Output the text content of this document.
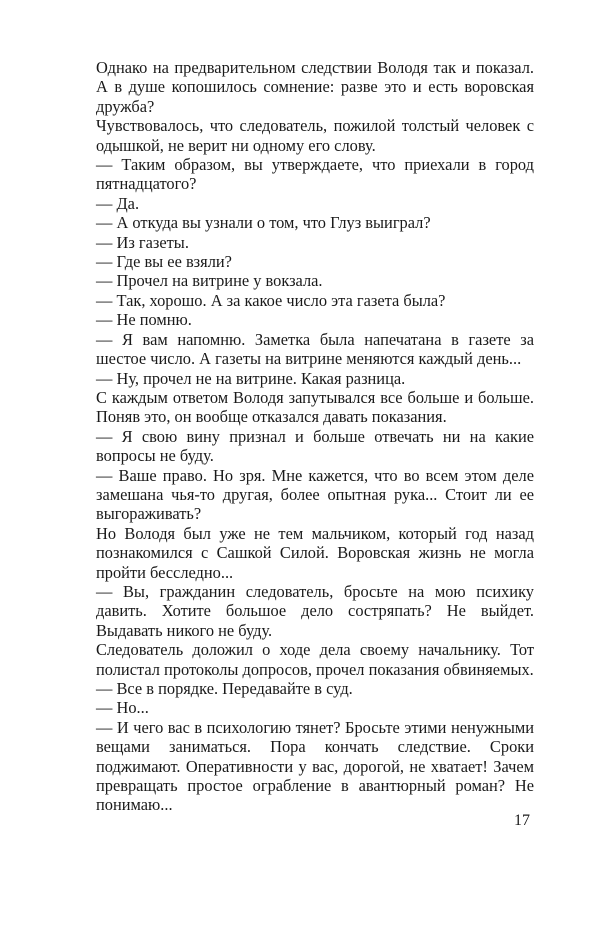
Однако на предварительном следствии Володя так и показал. А в душе копошилось сомнение: разве это и есть воровская дружба?

Чувствовалось, что следователь, пожилой толстый человек с одышкой, не верит ни одному его слову.

— Таким образом, вы утверждаете, что приехали в город пятнадцатого?

— Да.

— А откуда вы узнали о том, что Глуз выиграл?

— Из газеты.

— Где вы ее взяли?

— Прочел на витрине у вокзала.

— Так, хорошо. А за какое число эта газета была?

— Не помню.

— Я вам напомню. Заметка была напечатана в газете за шестое число. А газеты на витрине меняются каждый день...

— Ну, прочел не на витрине. Какая разница.

С каждым ответом Володя запутывался все больше и больше. Поняв это, он вообще отказался давать показания.

— Я свою вину признал и больше отвечать ни на какие вопросы не буду.

— Ваше право. Но зря. Мне кажется, что во всем этом деле замешана чья-то другая, более опытная рука... Стоит ли ее выгораживать?

Но Володя был уже не тем мальчиком, который год назад познакомился с Сашкой Силой. Воровская жизнь не могла пройти бесследно...

— Вы, гражданин следователь, бросьте на мою психику давить. Хотите большое дело состряпать? Не выйдет. Выдавать никого не буду.

Следователь доложил о ходе дела своему начальнику. Тот полистал протоколы допросов, прочел показания обвиняемых.

— Все в порядке. Передавайте в суд.

— Но...

— И чего вас в психологию тянет? Бросьте этими ненужными вещами заниматься. Пора кончать следствие. Сроки поджимают. Оперативности у вас, дорогой, не хватает! Зачем превращать простое ограбление в авантюрный роман? Не понимаю...

17
